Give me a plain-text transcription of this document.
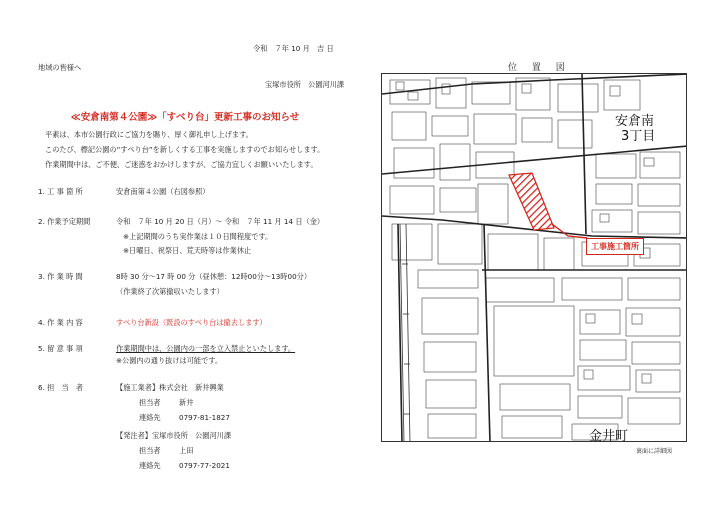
令和　７年 10 月　吉 日
地域の皆様へ
宝塚市役所　公園河川課
≪安倉南第４公園≫「すべり台」更新工事のお知らせ
平素は、本市公園行政にご協力を賜り、厚く御礼申し上げます。
このたび、標記公園の“すべり台”を新しくする工事を実施しますのでお知らせします。
作業期間中は、ご不便、ご迷惑をおかけしますが、ご協力宜しくお願いいたします。
1. 工 事 箇 所	安倉南第４公園（右図参照）
2. 作業予定期間	令和　７年 10 月 20 日（月）～ 令和　７年 11 月 14 日（金）
※上記期間のうち実作業は１０日間程度です。
※日曜日、祝祭日、荒天時等は作業休止
3. 作 業 時 間	8時 30 分～17 時 00 分（昼休憩：12時00分～13時00分）
（作業終了次第撤収いたします）
4. 作 業 内 容	すべり台新設（既設のすべり台は撤去します）
5. 留 意 事 項	作業期間中は、公園内の一部を立入禁止といたします。
※公園内の通り抜けは可能です。
6. 担　当　者	【施工業者】株式会社　新井興業
担当者	新井
連絡先	0797-81-1827
【発注者】宝塚市役所　公園河川課
担当者	上田
連絡先	0797-77-2021
位 置 図
安倉南
3丁目
金井町
工事施工箇所
裏面に詳細図
